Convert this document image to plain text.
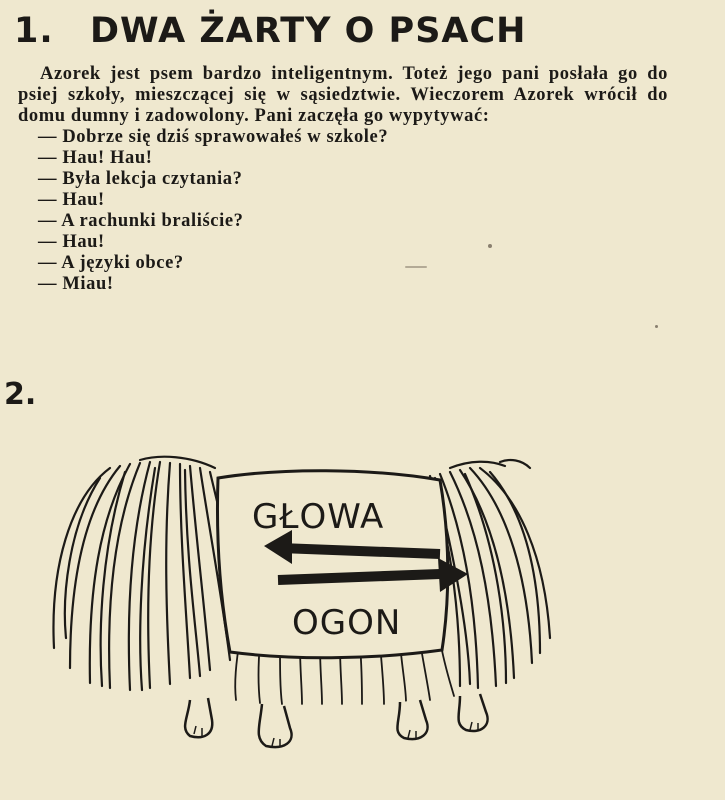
1. DWA ŻARTY O PSACH

Azorek jest psem bardzo inteligentnym. Toteż jego pani posłała go do psiej szkoły, mieszczącej się w sąsiedztwie. Wieczorem Azorek wrócił do domu dumny i zadowolony. Pani zaczęła go wypytywać:

— Dobrze się dziś sprawowałeś w szkole?
— Hau! Hau!
— Była lekcja czytania?
— Hau!
— A rachunki braliście?
— Hau!
— A języki obce?
— Miau!
2.
GŁOWA
OGON
